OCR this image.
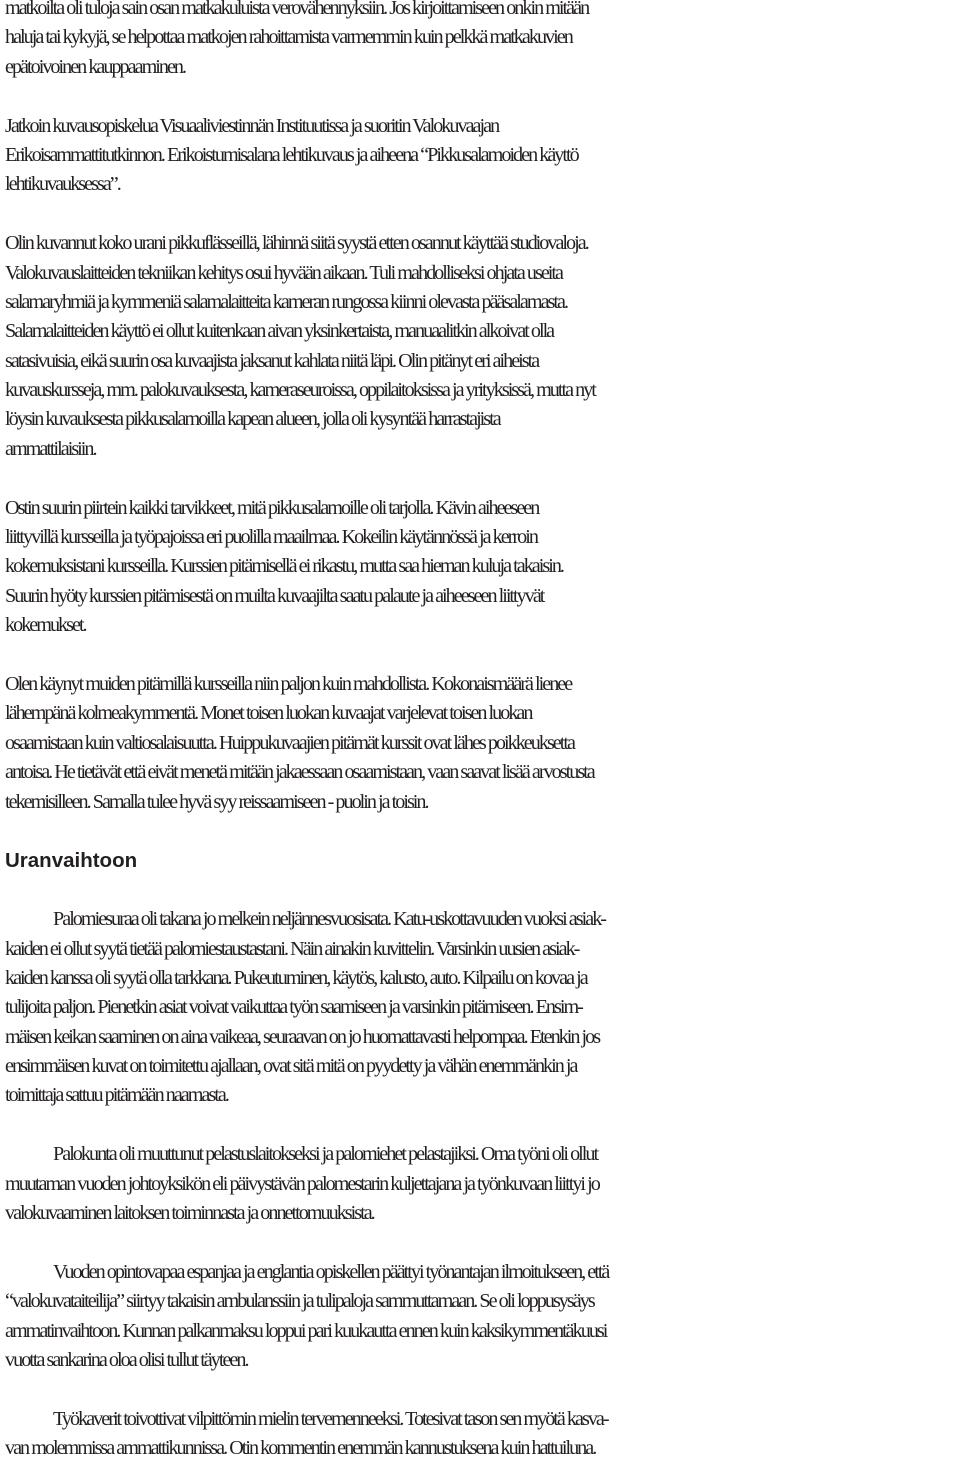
matkoilta oli tuloja sain osan matkakuluista verovähennyksiin. Jos kirjoittamiseen onkin mitään
haluja tai kykyjä, se helpottaa matkojen rahoittamista varmemmin kuin pelkkä matkakuvien
epätoivoinen kauppaaminen.
Jatkoin kuvausopiskelua Visuaaliviestinnän Instituutissa ja suoritin Valokuvaajan
Erikoisammattitutkinnon. Erikoistumisalana lehtikuvaus ja aiheena “Pikkusalamoiden käyttö
lehtikuvauksessa”.
Olin kuvannut koko urani pikkuflässeillä, lähinnä siitä syystä etten osannut käyttää studiovaloja.
Valokuvauslaitteiden tekniikan kehitys osui hyvään aikaan. Tuli mahdolliseksi ohjata useita
salamaryhmiä ja kymmeniä salamalaitteita kameran rungossa kiinni olevasta pääsalamasta.
Salamalaitteiden käyttö ei ollut kuitenkaan aivan yksinkertaista, manuaalitkin alkoivat olla
satasivuisia, eikä suurin osa kuvaajista jaksanut kahlata niitä läpi. Olin pitänyt eri aiheista
kuvauskursseja, mm. palokuvauksesta, kameraseuroissa, oppilaitoksissa ja yrityksissä, mutta nyt
löysin kuvauksesta pikkusalamoilla kapean alueen, jolla oli kysyntää harrastajista
ammattilaisiin.
Ostin suurin piirtein kaikki tarvikkeet, mitä pikkusalamoille oli tarjolla. Kävin aiheeseen
liittyvillä kursseilla ja työpajoissa eri puolilla maailmaa. Kokeilin käytännössä ja kerroin
kokemuksistani kursseilla. Kurssien pitämisellä ei rikastu, mutta saa hieman kuluja takaisin.
Suurin hyöty kurssien pitämisestä on muilta kuvaajilta saatu palaute ja aiheeseen liittyvät
kokemukset.
Olen käynyt muiden pitämillä kursseilla niin paljon kuin mahdollista. Kokonaismäärä lienee
lähempänä kolmeakymmentä. Monet toisen luokan kuvaajat varjelevat toisen luokan
osaamistaan kuin valtiosalaisuutta. Huippukuvaajien pitämät kurssit ovat lähes poikkeuksetta
antoisa. He tietävät että eivät menetä mitään jakaessaan osaamistaan, vaan saavat lisää arvostusta
tekemisilleen. Samalla tulee hyvä syy reissaamiseen - puolin ja toisin.
Uranvaihtoon
Palomiesuraa oli takana jo melkein neljännesvuosisata. Katu-uskottavuuden vuoksi asiak-
kaiden ei ollut syytä tietää palomiestaustastani. Näin ainakin kuvittelin. Varsinkin uusien asiak-
kaiden kanssa oli syytä olla tarkkana. Pukeutuminen, käytös, kalusto, auto. Kilpailu on kovaa ja
tulijoita paljon. Pienetkin asiat voivat vaikuttaa työn saamiseen ja varsinkin pitämiseen. Ensim-
mäisen keikan saaminen on aina vaikeaa, seuraavan on jo huomattavasti helpompaa. Etenkin jos
ensimmäisen kuvat on toimitettu ajallaan, ovat sitä mitä on pyydetty ja vähän enemmänkin ja
toimittaja sattuu pitämään naamasta.
Palokunta oli muuttunut pelastuslaitokseksi ja palomiehet pelastajiksi. Oma työni oli ollut
muutaman vuoden johtoyksikön eli päivystävän palomestarin kuljettajana ja työnkuvaan liittyi jo
valokuvaaminen laitoksen toiminnasta ja onnettomuuksista.
Vuoden opintovapaa espanjaa ja englantia opiskellen päättyi työnantajan ilmoitukseen, että
“valokuvataiteilija” siirtyy takaisin ambulanssiin ja tulipaloja sammuttamaan. Se oli loppusysäys
ammatinvaihtoon. Kunnan palkanmaksu loppui pari kuukautta ennen kuin kaksikymmentäkuusi
vuotta sankarina oloa olisi tullut täyteen.
Työkaverit toivottivat vilpittömin mielin tervemenneeksi. Totesivat tason sen myötä kasva-
van molemmissa ammattikunnissa. Otin kommentin enemmän kannustuksena kuin hattuiluna.
